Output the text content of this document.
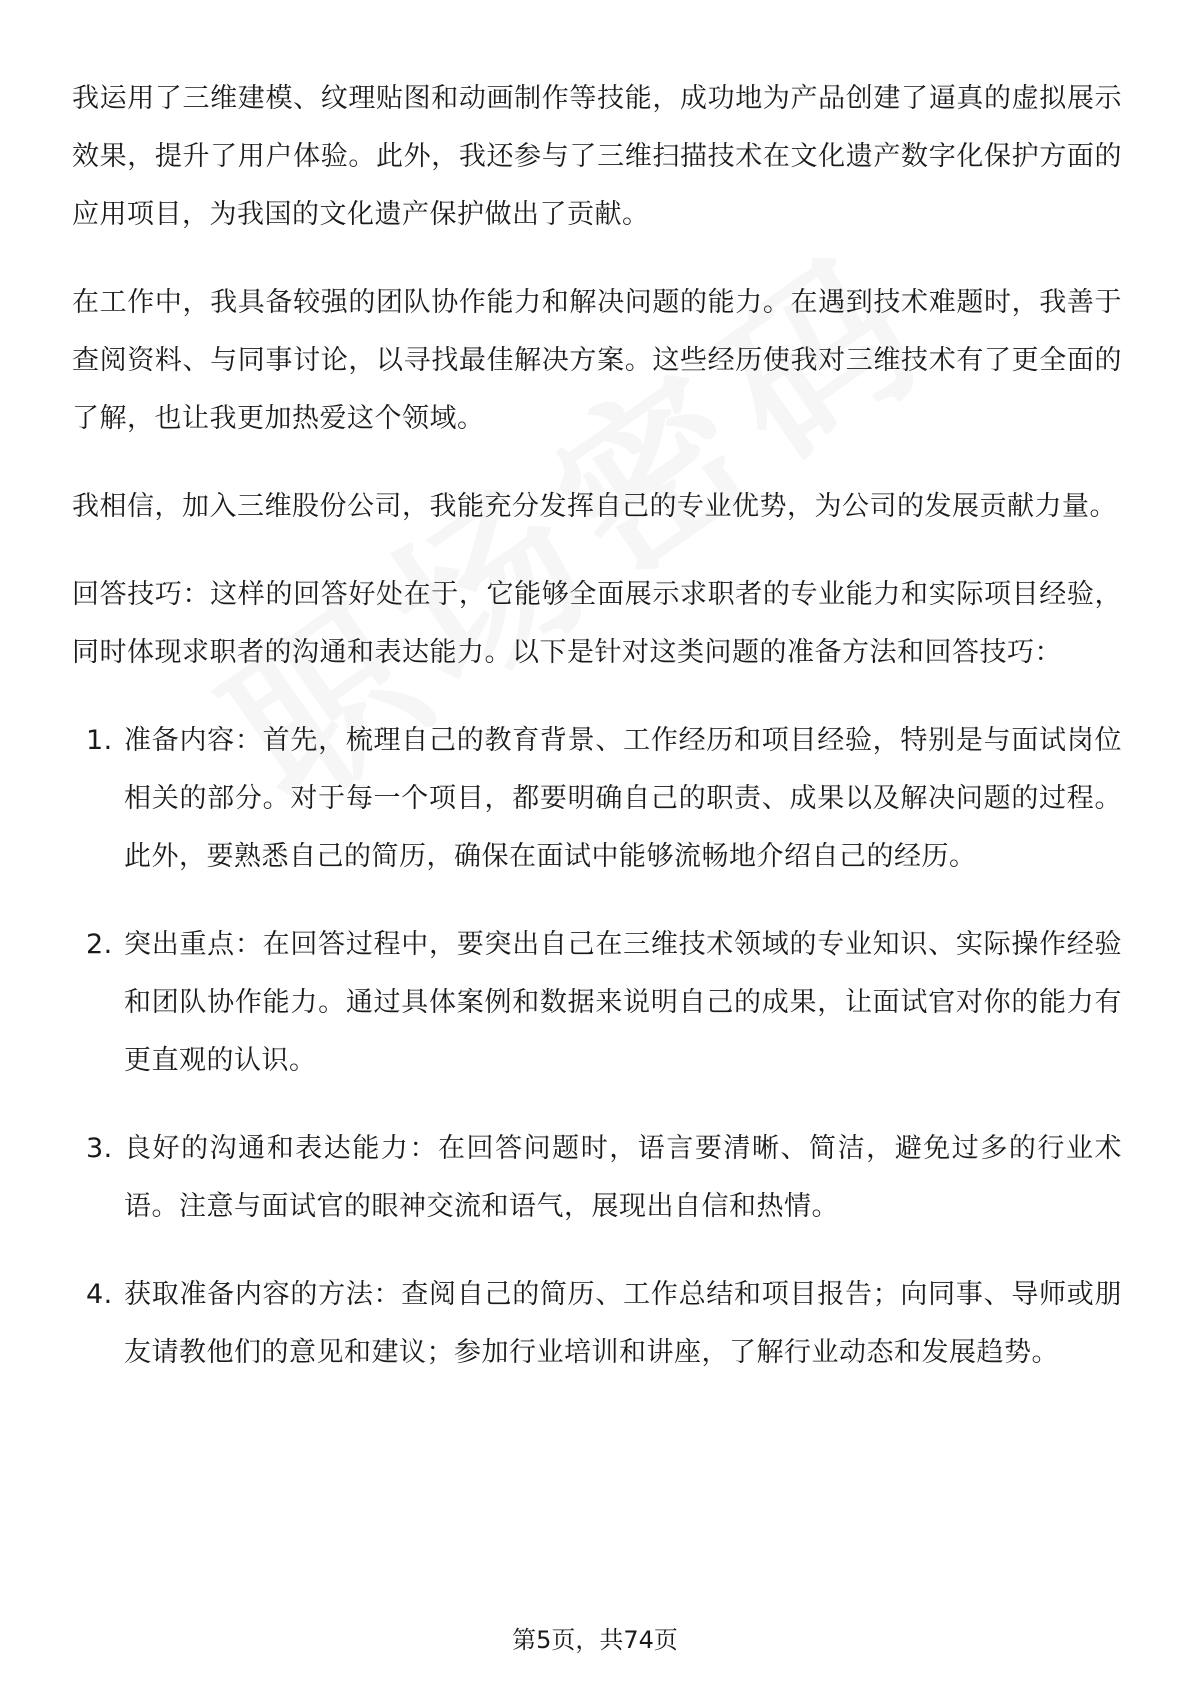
我运用了三维建模、纹理贴图和动画制作等技能，成功地为产品创建了逼真的虚拟展示效果，提升了用户体验。此外，我还参与了三维扫描技术在文化遗产数字化保护方面的应用项目，为我国的文化遗产保护做出了贡献。

在工作中，我具备较强的团队协作能力和解决问题的能力。在遇到技术难题时，我善于查阅资料、与同事讨论，以寻找最佳解决方案。这些经历使我对三维技术有了更全面的了解，也让我更加热爱这个领域。

我相信，加入三维股份公司，我能充分发挥自己的专业优势，为公司的发展贡献力量。

回答技巧：这样的回答好处在于，它能够全面展示求职者的专业能力和实际项目经验，同时体现求职者的沟通和表达能力。以下是针对这类问题的准备方法和回答技巧：

1. 准备内容：首先，梳理自己的教育背景、工作经历和项目经验，特别是与面试岗位相关的部分。对于每一个项目，都要明确自己的职责、成果以及解决问题的过程。此外，要熟悉自己的简历，确保在面试中能够流畅地介绍自己的经历。
2. 突出重点：在回答过程中，要突出自己在三维技术领域的专业知识、实际操作经验和团队协作能力。通过具体案例和数据来说明自己的成果，让面试官对你的能力有更直观的认识。
3. 良好的沟通和表达能力：在回答问题时，语言要清晰、简洁，避免过多的行业术语。注意与面试官的眼神交流和语气，展现出自信和热情。
4. 获取准备内容的方法：查阅自己的简历、工作总结和项目报告；向同事、导师或朋友请教他们的意见和建议；参加行业培训和讲座，了解行业动态和发展趋势。
第5页，共74页
